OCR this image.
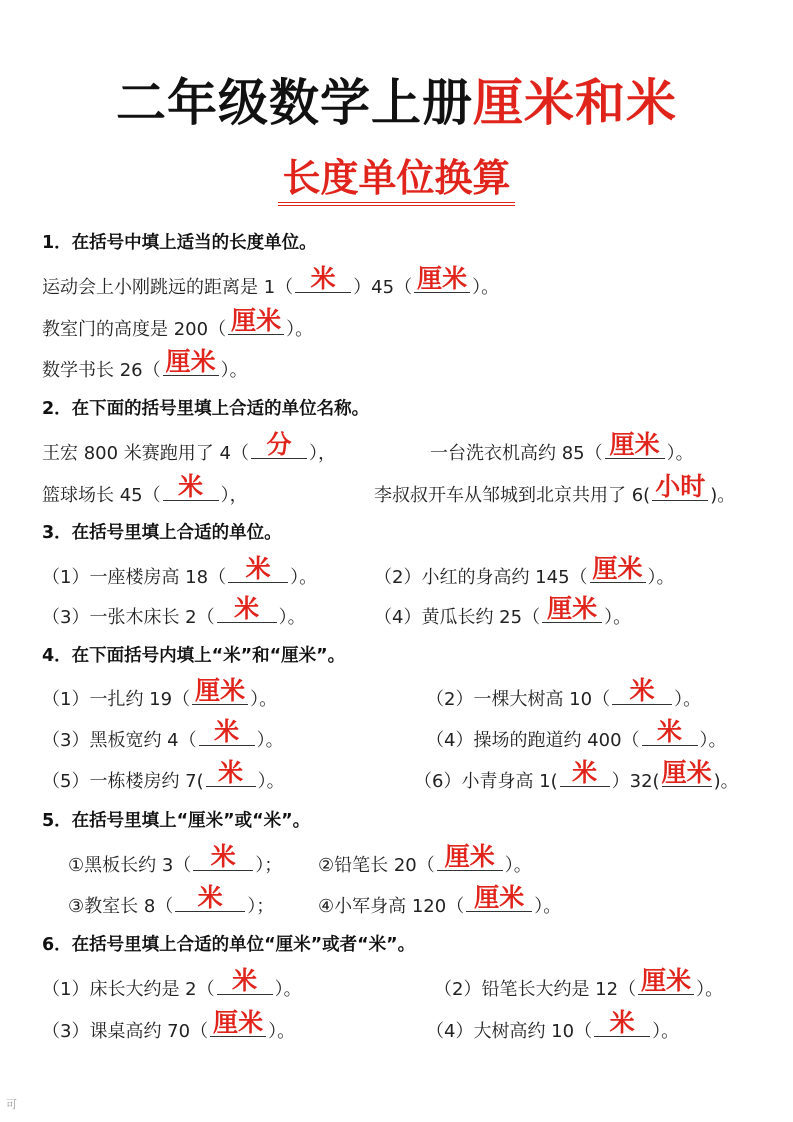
二年级数学上册厘米和米
长度单位换算
1．在括号中填上适当的长度单位。
运动会上小刚跳远的距离是 1（ 米 ）45（ 厘米 ）。
教室门的高度是 200（ 厘米 ）。
数学书长 26（ 厘米 ）。
2．在下面的括号里填上合适的单位名称。
王宏 800 米赛跑用了 4（ 分 ），	一台洗衣机高约 85（ 厘米 ）。
篮球场长 45（ 米 ），	李叔叔开车从邹城到北京共用了 6( 小时 )。
3．在括号里填上合适的单位。
（1）一座楼房高 18（ 米	）。	（2）小红的身高约 145（ 厘米 ）。
（3）一张木床长 2（ 米	）。	（4）黄瓜长约 25（ 厘米 ）。
4．在下面括号内填上“米”和“厘米”。
（1）一扎约 19（ 厘米 ）。	（2）一棵大树高 10（ 米	）。
（3）黑板宽约 4（ 米 ）。	（4）操场的跑道约 400（ 米 ）。
（5）一栋楼房约 7( 米 ）。	（6）小青身高 1( 米 ）32( 厘米 )。
5．在括号里填上“厘米”或“米”。
①黑板长约 3（ 米	）； ②铅笔长 20（ 厘米 ）。
③教室长 8（ 米	）； ④小军身高 120（ 厘米 ）。
6．在括号里填上合适的单位“厘米”或者“米”。
（1）床长大约是 2（ 米 ）。	（2）铅笔长大约是 12（ 厘米 ）。
（3）课桌高约 70（ 厘米 ）。	（4）大树高约 10（ 米 ）。
可
